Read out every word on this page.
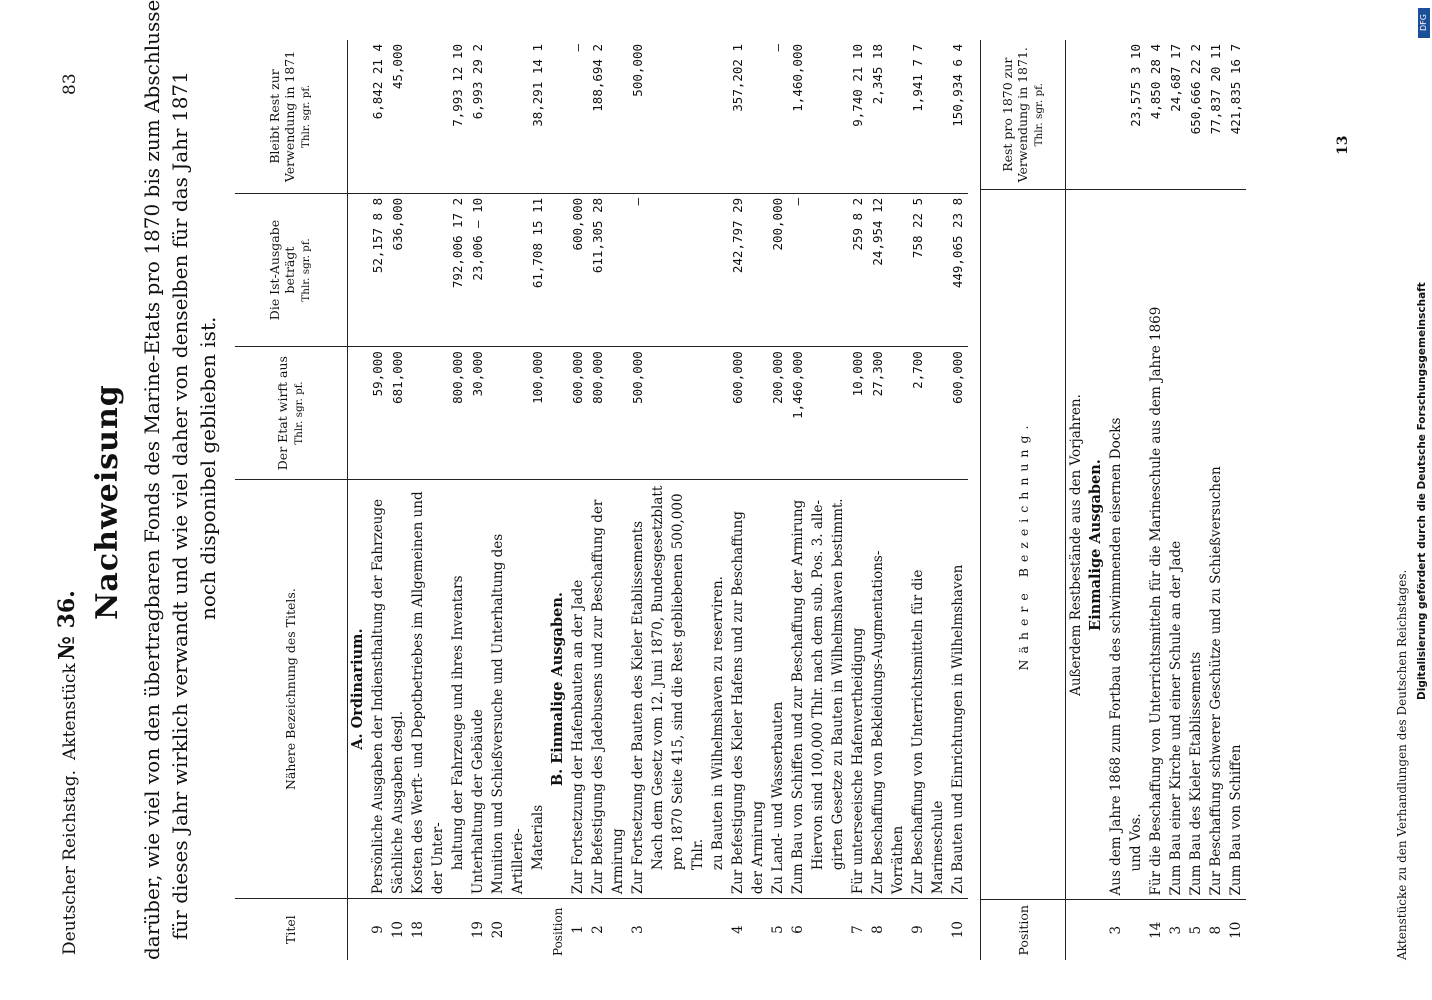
Deutscher Reichstag.
Aktenstück
№ 36.
83
Nachweisung darüber, wie viel von den übertragbaren Fonds des Marine-Etats pro 1870 bis zum Abschlusse für dieses Jahr wirklich verwandt und wie viel daher von denselben für das Jahr 1871 noch disponibel geblieben ist.
Titel	Nähere Bezeichnung des Titels.	Der Etat wirft aus Thlr. sgr. pf.	Die Ist-Ausgabe beträgt Thlr. sgr. pf.	Bleibt Rest zur Verwendung in 1871 Thlr. sgr. pf.
	A. Ordinarium.			
9	Persönliche Ausgaben der Indiensthaltung der Fahrzeuge	59,000	52,157 8 8	6,842 21 4
10	Sächliche Ausgaben desgl.	681,000	636,000	45,000
18	Kosten des Werft- und Depotbetriebes im Allgemeinen und der Unter-			
	haltung der Fahrzeuge und ihres Inventars	800,000	792,006 17 2	7,993 12 10
19	Unterhaltung der Gebäude	30,000	23,006 — 10	6,993 29 2
20	Munition und Schießversuche und Unterhaltung des Artillerie-			
	Materials	100,000	61,708 15 11	38,291 14 1
Position	B. Einmalige Ausgaben.			
1	Zur Fortsetzung der Hafenbauten an der Jade	600,000	600,000	—
2	Zur Befestigung des Jadebusens und zur Beschaffung der Armirung	800,000	611,305 28	188,694 2
3	Zur Fortsetzung der Bauten des Kieler Etablissements	500,000	—	500,000
	Nach dem Gesetz vom 12. Juni 1870, Bundesgesetzblatt			
	pro 1870 Seite 415, sind die Rest gebliebenen 500,000 Thlr.			
	zu Bauten in Wilhelmshaven zu reserviren.			
4	Zur Befestigung des Kieler Hafens und zur Beschaffung der Armirung	600,000	242,797 29	357,202 1
5	Zu Land- und Wasserbauten	200,000	200,000	—
6	Zum Bau von Schiffen und zur Beschaffung der Armirung	1,460,000	—	1,460,000
	Hiervon sind 100,000 Thlr. nach dem sub. Pos. 3. alle-			
	girten Gesetze zu Bauten in Wilhelmshaven bestimmt.			
7	Für unterseeische Hafenvertheidigung	10,000	259 8 2	9,740 21 10
8	Zur Beschaffung von Bekleidungs-Augmentations-Vorräthen	27,300	24,954 12	2,345 18
9	Zur Beschaffung von Unterrichtsmitteln für die Marineschule	2,700	758 22 5	1,941 7 7
10	Zu Bauten und Einrichtungen in Wilhelmshaven	600,000	449,065 23 8	150,934 6 4
Position	Nähere Bezeichnung.	Rest pro 1870 zur Verwendung in 1871. Thlr. sgr. pf.
	Außerdem Restbestände aus den Vorjahren.	
	Einmalige Ausgaben.	
3	Aus dem Jahre 1868 zum Fortbau des schwimmenden eisernen Docks	
	und Vos.	23,575 3 10
14	Für die Beschaffung von Unterrichtsmitteln für die Marineschule aus dem Jahre 1869	4,850 28 4
3	Zum Bau einer Kirche und einer Schule an der Jade	24,687 17
5	Zum Bau des Kieler Etablissements	650,666 22 2
8	Zur Beschaffung schwerer Geschütze und zu Schießversuchen	77,837 20 11
10	Zum Bau von Schiffen	421,835 16 7
Aktenstücke zu den Verhandlungen des Deutschen Reichstages.
13
Digitalisierung gefördert durch die Deutsche Forschungsgemeinschaft
DFG
